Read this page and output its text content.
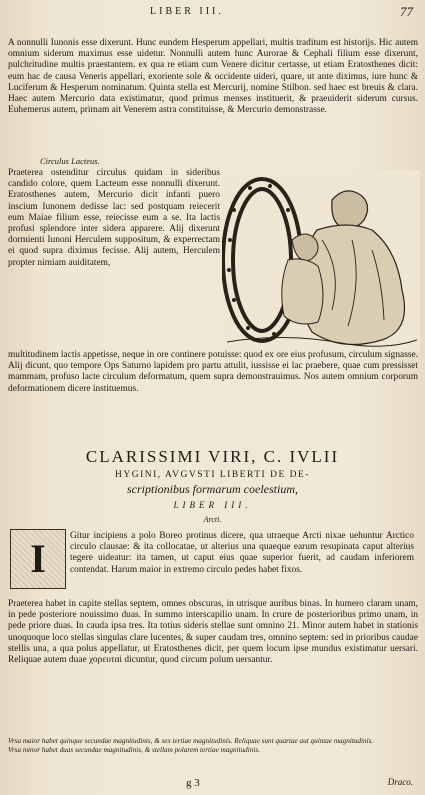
LIBER III.	77
A nonnulli Iunonis esse dixerunt. Hunc eundem Hesperum appellari, multis traditum est historijs. Hic autem omnium siderum maximus esse uidetur. Nonnulli autem hunc Aurorae & Cephali filium esse dixerunt, pulchritudine multis praestantem. ex qua re etiam cum Venere dicitur certasse, ut etiam Eratosthenes dicit: eum hac de causa Veneris appellari, exoriente sole & occidente uideri, quare, ut ante diximus, iure hunc & Luciferum & Hesperum nominatum. Quinta stella est Mercurij, nomine Stilbon. sed haec est breuis & clara. Haec autem Mercurio data existimatur, quod primus menses instituerit, & praeuiderit siderum cursus. Euhemerus autem, primam ait Venerem astra constituisse, & Mercurio demonstrasse.
Circulus Lacteus.
Praeterea ostenditur circulus quidam in sideribus candido colore, quem Lacteum esse nonnulli dixerunt. Eratosthenes autem, Mercurio dicit infanti puero inscium Iunonem dedisse lac: sed postquam reiecerit eum Maiae filium esse, reiecisse eum a se. Ita lactis profusi splendore inter sidera apparere. Alij dixerunt dormienti Iunoni Herculem suppositum, & experrectam ei quod supra diximus fecisse. Alij autem, Herculem propter nimiam auiditatem,
multitudinem lactis appetisse, neque in ore continere potuisse: quod ex ore eius profusum, circulum signasse. Alij dicunt, quo tempore Ops Saturno lapidem pro partu attulit, iussisse ei lac praebere, quae cum pressisset mammam, profuso lacte circulum deformatum, quem supra demonstrauimus. Nos autem omnium corporum deformationem dicere instituemus.
CLARISSIMI VIRI, C. IVLII
HYGINI, AVGVSTI LIBERTI DE DE-
scriptionibus formarum coelestium,
LIBER III.
Arcti.
I	Gitur incipiens a polo Boreo protinus dicere, qua utraeque Arcti nixae uehuntur Arctico circulo clausae: & ita collocatae, ut alterius una quaeque earum resupinata caput alterius tegere uideatur: ita tamen, ut caput eius quae superior fuerit, ad caudam inferiorem contendat. Harum maior in extremo circulo pedes habet fixos.
Praeterea habet in capite stellas septem, omnes obscuras, in utrisque auribus binas. In humero claram unam, in pede posteriore nouissimo duas. In summo interscapilio unam. In crure de posterioribus primo unam, in pede priore duas. In cauda ipsa tres. Ita totius sideris stellae sunt omnino 21. Minor autem habet in stationis unoquoque loco stellas singulas clare lucentes, & super caudam tres, omnino septem: sed in prioribus caudae stellis una, a qua polus appellatur, ut Eratosthenes dicit, per quem locum ipse mundus existimatur uersari. Reliquae autem duae χορευταί dicuntur, quod circum polum uersantur.
Vrsa maior habet quinque secundae magnitudinis, & sex tertiae magnitudinis. Reliquae sunt quartae aut quintae magnitudinis.
Vrsa minor habet duas secundae magnitudinis, & stellam polarem tertiae magnitudinis.
g 3	Draco.
